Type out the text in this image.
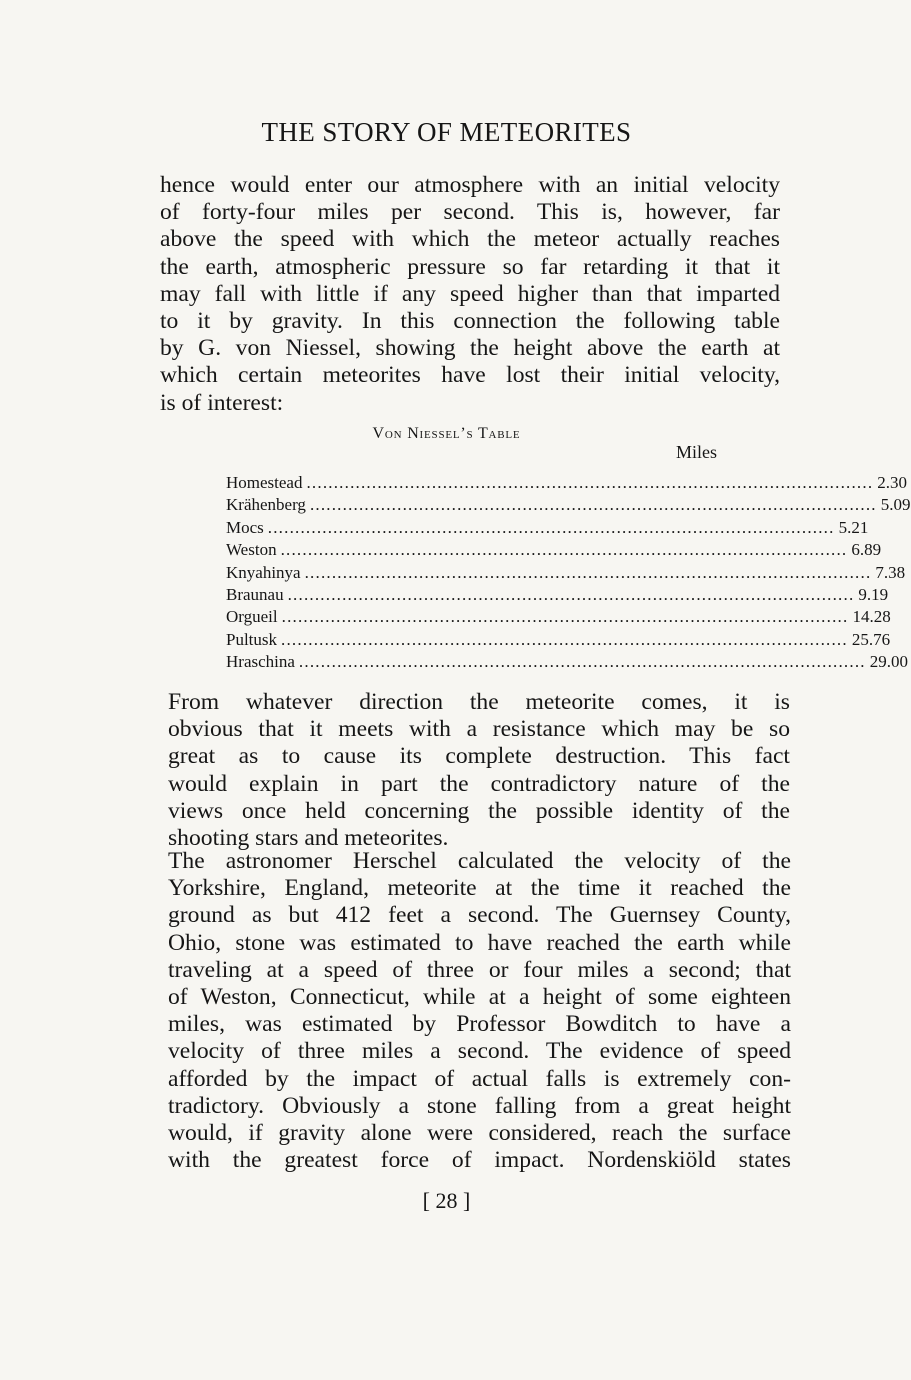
THE STORY OF METEORITES

hence would enter our atmosphere with an initial velocity
of forty-four miles per second. This is, however, far
above the speed with which the meteor actually reaches
the earth, atmospheric pressure so far retarding it that it
may fall with little if any speed higher than that imparted
to it by gravity. In this connection the following table
by G. von Niessel, showing the height above the earth at
which certain meteorites have lost their initial velocity,
is of interest:

Von Niessel’s Table
Miles
Homestead ........................................................................................................ 2.30
Krähenberg ........................................................................................................ 5.09
Mocs ........................................................................................................ 5.21
Weston ........................................................................................................ 6.89
Knyahinya ........................................................................................................ 7.38
Braunau ........................................................................................................ 9.19
Orgueil ........................................................................................................ 14.28
Pultusk ........................................................................................................ 25.76
Hraschina ........................................................................................................ 29.00

From whatever direction the meteorite comes, it is
obvious that it meets with a resistance which may be so
great as to cause its complete destruction. This fact
would explain in part the contradictory nature of the
views once held concerning the possible identity of the
shooting stars and meteorites.

The astronomer Herschel calculated the velocity of the
Yorkshire, England, meteorite at the time it reached the
ground as but 412 feet a second. The Guernsey County,
Ohio, stone was estimated to have reached the earth while
traveling at a speed of three or four miles a second; that
of Weston, Connecticut, while at a height of some eighteen
miles, was estimated by Professor Bowditch to have a
velocity of three miles a second. The evidence of speed
afforded by the impact of actual falls is extremely con-
tradictory. Obviously a stone falling from a great height
would, if gravity alone were considered, reach the surface
with the greatest force of impact. Nordenskiöld states

[ 28 ]
